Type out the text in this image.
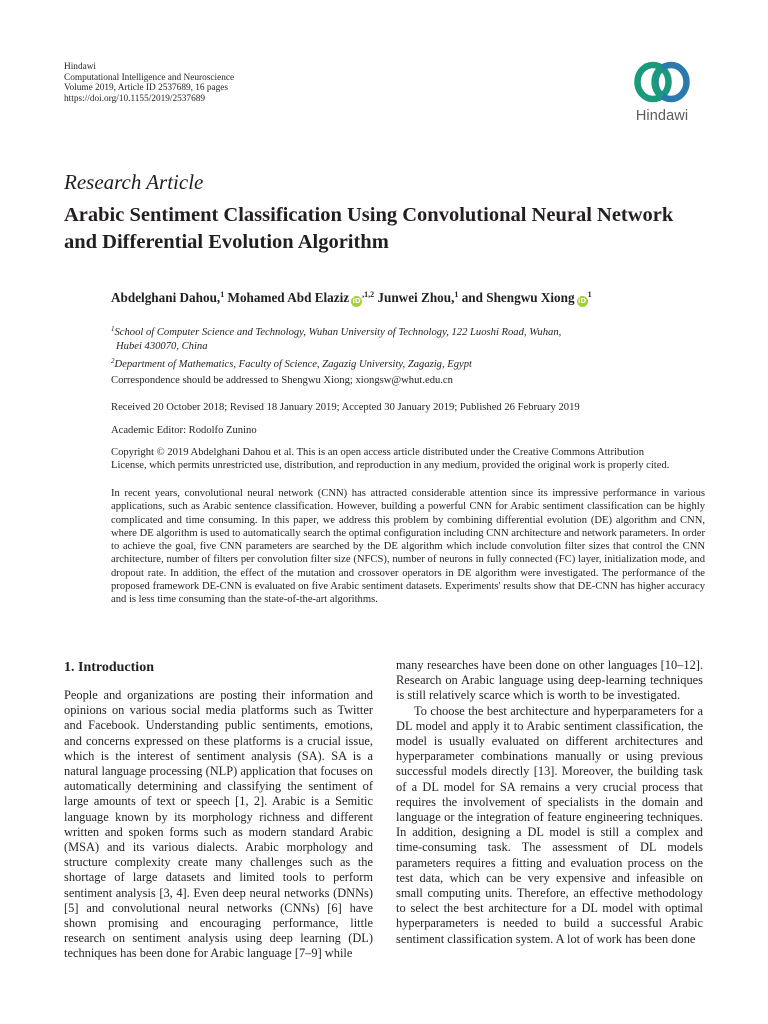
Hindawi
Computational Intelligence and Neuroscience
Volume 2019, Article ID 2537689, 16 pages
https://doi.org/10.1155/2019/2537689
Hindawi
Research Article
Arabic Sentiment Classification Using Convolutional Neural Network and Differential Evolution Algorithm
Abdelghani Dahou,$^1$ Mohamed Abd Elaziz $iD^{,1,2}$ Junwei Zhou,$^1$ and Shengwu Xiong $iD^1$
$^1$School of Computer Science and Technology, Wuhan University of Technology, 122 Luoshi Road, Wuhan,
Hubei 430070, China
$^2$Department of Mathematics, Faculty of Science, Zagazig University, Zagazig, Egypt
Correspondence should be addressed to Shengwu Xiong; xiongsw@whut.edu.cn
Received 20 October 2018; Revised 18 January 2019; Accepted 30 January 2019; Published 26 February 2019
Academic Editor: Rodolfo Zunino
Copyright © 2019 Abdelghani Dahou et al. This is an open access article distributed under the Creative Commons Attribution
License, which permits unrestricted use, distribution, and reproduction in any medium, provided the original work is properly cited.
In recent years, convolutional neural network (CNN) has attracted considerable attention since its impressive performance in various applications, such as Arabic sentence classification. However, building a powerful CNN for Arabic sentiment classification can be highly complicated and time consuming. In this paper, we address this problem by combining differential evolution (DE) algorithm and CNN, where DE algorithm is used to automatically search the optimal configuration including CNN architecture and network parameters. In order to achieve the goal, five CNN parameters are searched by the DE algorithm which include convolution filter sizes that control the CNN architecture, number of filters per convolution filter size (NFCS), number of neurons in fully connected (FC) layer, initialization mode, and dropout rate. In addition, the effect of the mutation and crossover operators in DE algorithm were investigated. The performance of the proposed framework DE-CNN is evaluated on five Arabic sentiment datasets. Experiments' results show that DE-CNN has higher accuracy and is less time consuming than the state-of-the-art algorithms.
1. Introduction

People and organizations are posting their information and opinions on various social media platforms such as Twitter and Facebook. Understanding public sentiments, emotions, and concerns expressed on these platforms is a crucial issue, which is the interest of sentiment analysis (SA). SA is a natural language processing (NLP) application that focuses on automatically determining and classifying the sentiment of large amounts of text or speech [1, 2]. Arabic is a Semitic language known by its morphology richness and different written and spoken forms such as modern standard Arabic (MSA) and its various dialects. Arabic morphology and structure complexity create many challenges such as the shortage of large datasets and limited tools to perform sentiment analysis [3, 4]. Even deep neural networks (DNNs) [5] and convolutional neural networks (CNNs) [6] have shown promising and encouraging performance, little research on sentiment analysis using deep learning (DL) techniques has been done for Arabic language [7–9] while

many researches have been done on other languages [10–12]. Research on Arabic language using deep-learning techniques is still relatively scarce which is worth to be investigated.

To choose the best architecture and hyperparameters for a DL model and apply it to Arabic sentiment classification, the model is usually evaluated on different architectures and hyperparameter combinations manually or using previous successful models directly [13]. Moreover, the building task of a DL model for SA remains a very crucial process that requires the involvement of specialists in the domain and language or the integration of feature engineering techniques. In addition, designing a DL model is still a complex and time-consuming task. The assessment of DL models parameters requires a fitting and evaluation process on the test data, which can be very expensive and infeasible on small computing units. Therefore, an effective methodology to select the best architecture for a DL model with optimal hyperparameters is needed to build a successful Arabic sentiment classification system. A lot of work has been done
